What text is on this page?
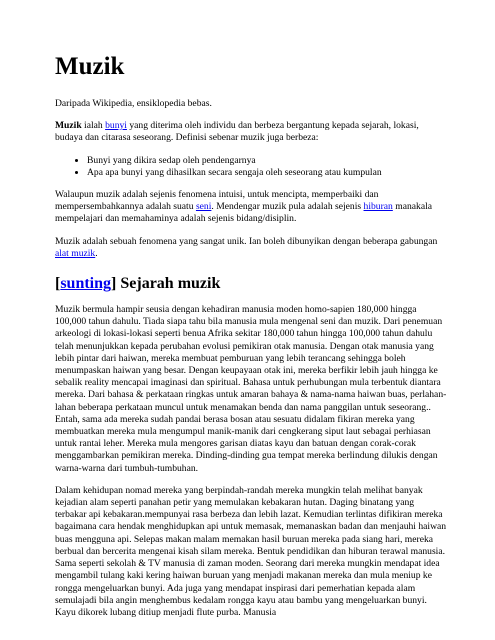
Muzik

Daripada Wikipedia, ensiklopedia bebas.

Muzik ialah bunyi yang diterima oleh individu dan berbeza bergantung kepada sejarah, lokasi, budaya dan citarasa seseorang. Definisi sebenar muzik juga berbeza:

• Bunyi yang dikira sedap oleh pendengarnya
• Apa apa bunyi yang dihasilkan secara sengaja oleh seseorang atau kumpulan

Walaupun muzik adalah sejenis fenomena intuisi, untuk mencipta, memperbaiki dan mempersembahkannya adalah suatu seni. Mendengar muzik pula adalah sejenis hiburan manakala mempelajari dan memahaminya adalah sejenis bidang/disiplin.

Muzik adalah sebuah fenomena yang sangat unik. Ian boleh dibunyikan dengan beberapa gabungan alat muzik.

[sunting] Sejarah muzik

Muzik bermula hampir seusia dengan kehadiran manusia moden homo-sapien 180,000 hingga 100,000 tahun dahulu. Tiada siapa tahu bila manusia mula mengenal seni dan muzik. Dari penemuan arkeologi di lokasi-lokasi seperti benua Afrika sekitar 180,000 tahun hingga 100,000 tahun dahulu telah menunjukkan kepada perubahan evolusi pemikiran otak manusia. Dengan otak manusia yang lebih pintar dari haiwan, mereka membuat pemburuan yang lebih terancang sehingga boleh menumpaskan haiwan yang besar. Dengan keupayaan otak ini, mereka berfikir lebih jauh hingga ke sebalik reality mencapai imaginasi dan spiritual. Bahasa untuk perhubungan mula terbentuk diantara mereka. Dari bahasa & perkataan ringkas untuk amaran bahaya & nama-nama haiwan buas, perlahan-lahan beberapa perkataan muncul untuk menamakan benda dan nama panggilan untuk seseorang.. Entah, sama ada mereka sudah pandai berasa bosan atau sesuatu didalam fikiran mereka yang membuatkan mereka mula mengumpul manik-manik dari cengkerang siput laut sebagai perhiasan untuk rantai leher. Mereka mula mengores garisan diatas kayu dan batuan dengan corak-corak menggambarkan pemikiran mereka. Dinding-dinding gua tempat mereka berlindung dilukis dengan warna-warna dari tumbuh-tumbuhan.

Dalam kehidupan nomad mereka yang berpindah-randah mereka mungkin telah melihat banyak kejadian alam seperti panahan petir yang memulakan kebakaran hutan. Daging binatang yang terbakar api kebakaran.mempunyai rasa berbeza dan lebih lazat. Kemudian terlintas difikiran mereka bagaimana cara hendak menghidupkan api untuk memasak, memanaskan badan dan menjauhi haiwan buas mengguna api. Selepas makan malam memakan hasil buruan mereka pada siang hari, mereka berbual dan bercerita mengenai kisah silam mereka. Bentuk pendidikan dan hiburan terawal manusia. Sama seperti sekolah & TV manusia di zaman moden. Seorang dari mereka mungkin mendapat idea mengambil tulang kaki kering haiwan buruan yang menjadi makanan mereka dan mula meniup ke rongga mengeluarkan bunyi. Ada juga yang mendapat inspirasi dari pemerhatian kepada alam semulajadi bila angin menghembus kedalam rongga kayu atau bambu yang mengeluarkan bunyi. Kayu dikorek lubang ditiup menjadi flute purba. Manusia
